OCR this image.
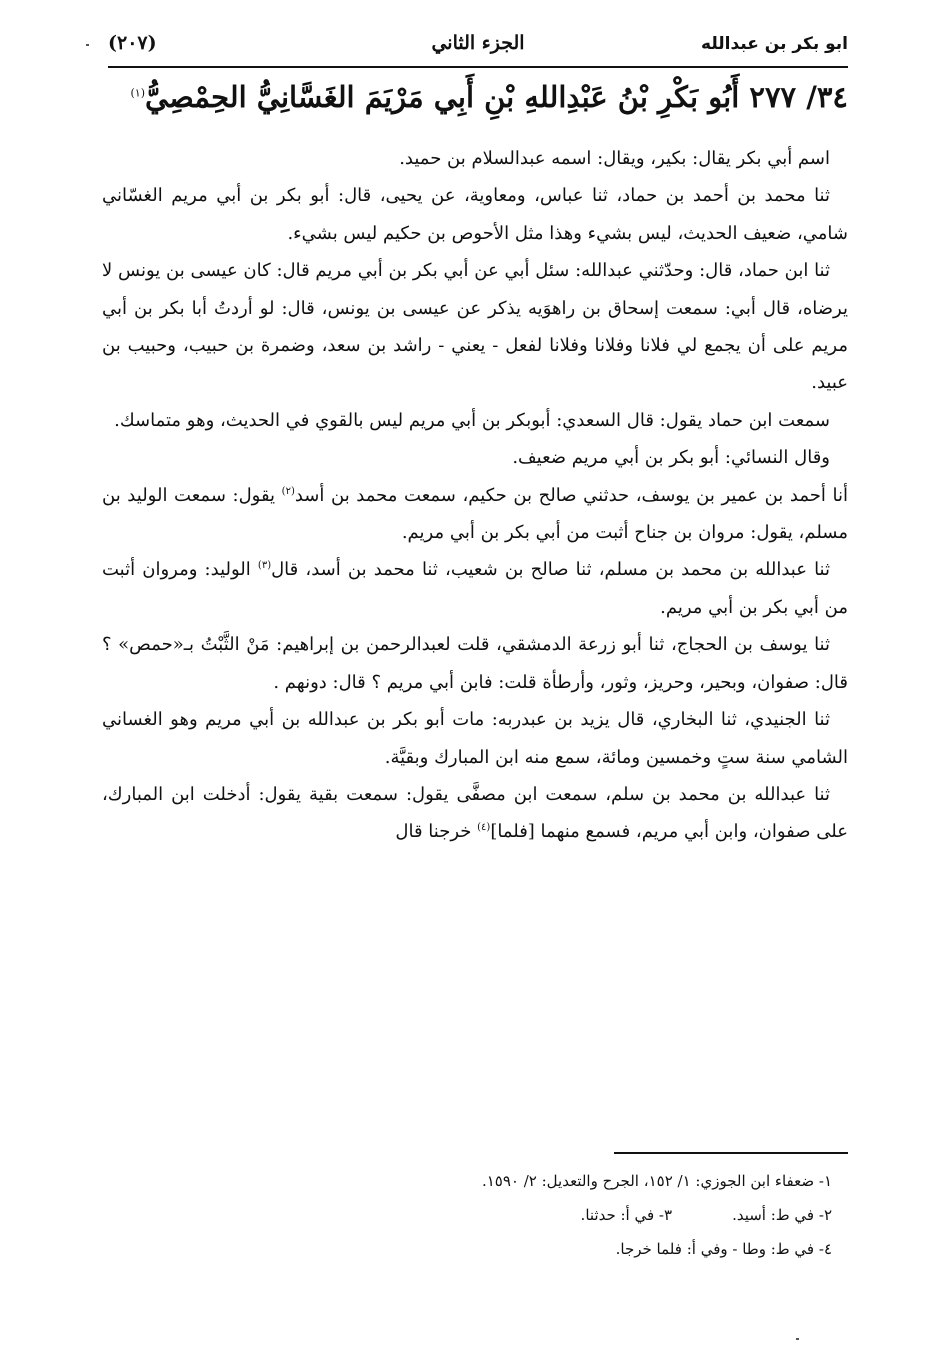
ابو بكر بن عبدالله
الجزء الثاني
(٢٠٧)
٣٤/ ٢٧٧ أَبُو بَكْرِ بْنُ عَبْدِاللهِ بْنِ أَبِي مَرْيَمَ الغَسَّانِيُّ الحِمْصِيُّ$^{(١)}$

اسم أبي بكر يقال: بكير، ويقال: اسمه عبدالسلام بن حميد.

ثنا محمد بن أحمد بن حماد، ثنا عباس، ومعاوية، عن يحيى، قال: أبو بكر بن أبي مريم الغسّاني شامي، ضعيف الحديث، ليس بشيء وهذا مثل الأحوص بن حكيم ليس بشيء.

ثنا ابن حماد، قال: وحدّثني عبدالله: سئل أبي عن أبي بكر بن أبي مريم قال: كان عيسى بن يونس لا يرضاه، قال أبي: سمعت إسحاق بن راهوَيه يذكر عن عيسى بن يونس، قال: لو أردتُ أبا بكر بن أبي مريم على أن يجمع لي فلانا وفلانا وفلانا لفعل - يعني - راشد بن سعد، وضمرة بن حبيب، وحبيب بن عبيد.

سمعت ابن حماد يقول: قال السعدي: أبوبكر بن أبي مريم ليس بالقوي في الحديث، وهو متماسك.

وقال النسائي: أبو بكر بن أبي مريم ضعيف.

أنا أحمد بن عمير بن يوسف، حدثني صالح بن حكيم، سمعت محمد بن أسد$^{(٢)}$ يقول: سمعت الوليد بن مسلم، يقول: مروان بن جناح أثبت من أبي بكر بن أبي مريم.

ثنا عبدالله بن محمد بن مسلم، ثنا صالح بن شعيب، ثنا محمد بن أسد، قال$^{(٣)}$ الوليد: ومروان أثبت من أبي بكر بن أبي مريم.

ثنا يوسف بن الحجاج، ثنا أبو زرعة الدمشقي، قلت لعبدالرحمن بن إبراهيم: مَنْ الثَّبْتُ بـ«حمص» ؟ قال: صفوان، وبحير، وحريز، وثور، وأرطأة قلت: فابن أبي مريم ؟ قال: دونهم .

ثنا الجنيدي، ثنا البخاري، قال يزيد بن عبدربه: مات أبو بكر بن عبدالله بن أبي مريم وهو الغساني الشامي سنة ستٍ وخمسين ومائة، سمع منه ابن المبارك وبقيَّة.

ثنا عبدالله بن محمد بن سلم، سمعت ابن مصفَّى يقول: سمعت بقية يقول: أدخلت ابن المبارك، على صفوان، وابن أبي مريم، فسمع منهما [فلما]$^{(٤)}$ خرجنا قال

١- ضعفاء ابن الجوزي: ١/ ١٥٢، الجرح والتعديل: ٢/ ١٥٩٠.
٢- في ط: أسيد.٣- في أ: حدثنا.
٤- في ط: وطا - وفي أ: فلما خرجا.
